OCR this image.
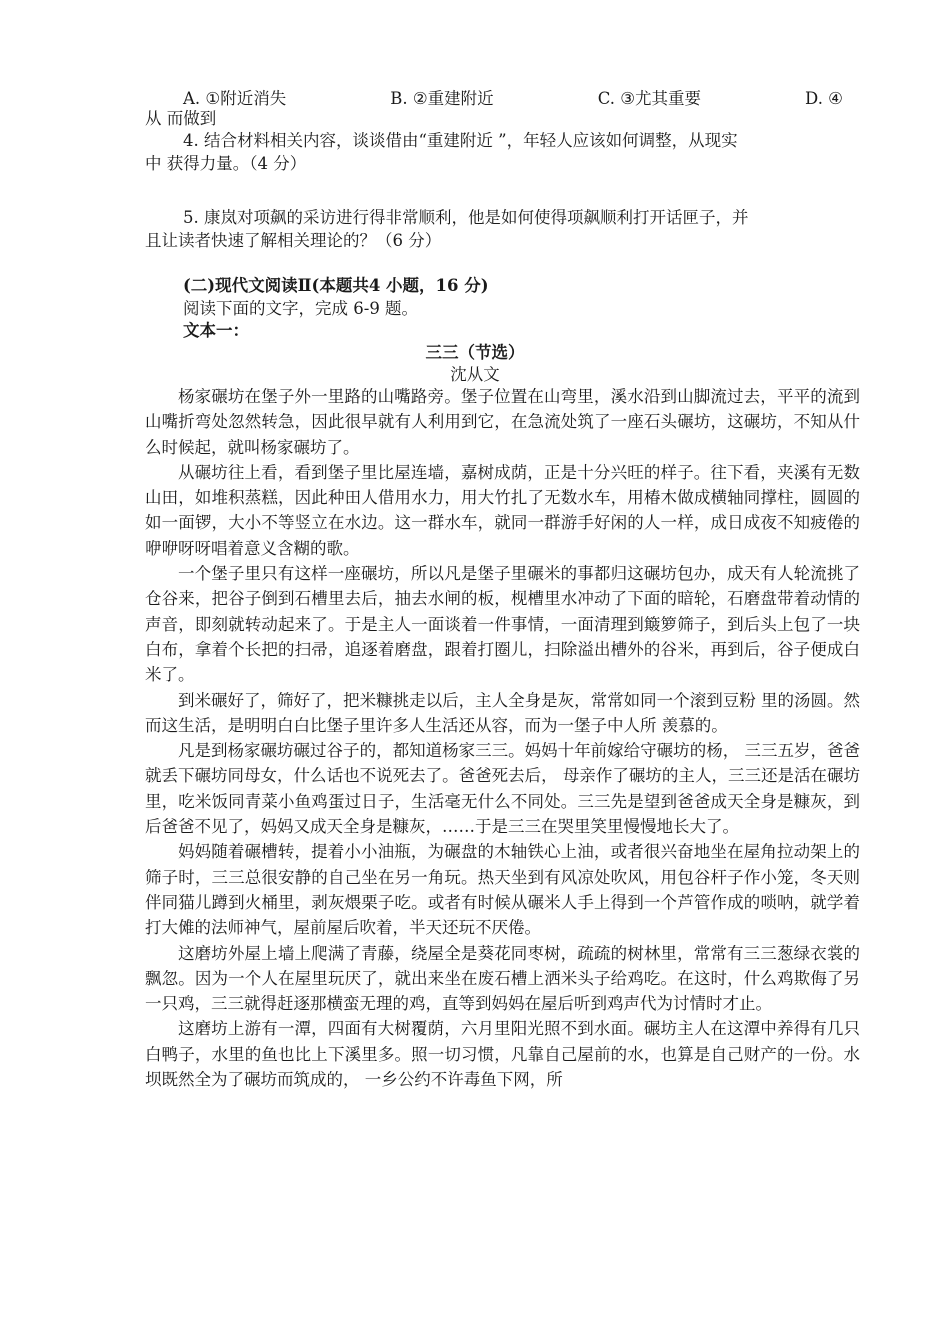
A. ①附近消失	B. ②重建附近	C. ③尤其重要	D. ④
从 而做到
4. 结合材料相关内容，谈谈借由“重建附近 ”，年轻人应该如何调整，从现实
中 获得力量。（4 分）
5. 康岚对项飙的采访进行得非常顺利，他是如何使得项飙顺利打开话匣子，并
且让读者快速了解相关理论的？（6 分）
(二)现代文阅读Ⅱ(本题共4 小题，16 分)
阅读下面的文字，完成 6-9 题。
文本一：
三三（节选）
沈从文
杨家碾坊在堡子外一里路的山嘴路旁。堡子位置在山弯里，溪水沿到山脚流过去，平平的流到山嘴折弯处忽然转急，因此很早就有人利用到它，在急流处筑了一座石头碾坊，这碾坊，不知从什么时候起，就叫杨家碾坊了。
从碾坊往上看，看到堡子里比屋连墙，嘉树成荫，正是十分兴旺的样子。往下看，夹溪有无数山田，如堆积蒸糕，因此种田人借用水力，用大竹扎了无数水车，用椿木做成横轴同撑柱，圆圆的如一面锣，大小不等竖立在水边。这一群水车，就同一群游手好闲的人一样，成日成夜不知疲倦的咿咿呀呀唱着意义含糊的歌。
一个堡子里只有这样一座碾坊，所以凡是堡子里碾米的事都归这碾坊包办，成天有人轮流挑了仓谷来，把谷子倒到石槽里去后，抽去水闸的板，枧槽里水冲动了下面的暗轮，石磨盘带着动情的声音，即刻就转动起来了。于是主人一面谈着一件事情，一面清理到簸箩筛子，到后头上包了一块白布，拿着个长把的扫帚，追逐着磨盘，跟着打圈儿，扫除溢出槽外的谷米，再到后，谷子便成白米了。
到米碾好了，筛好了，把米糠挑走以后，主人全身是灰，常常如同一个滚到豆粉 里的汤圆。然而这生活，是明明白白比堡子里许多人生活还从容，而为一堡子中人所 羡慕的。
凡是到杨家碾坊碾过谷子的，都知道杨家三三。妈妈十年前嫁给守碾坊的杨， 三三五岁，爸爸就丢下碾坊同母女，什么话也不说死去了。爸爸死去后， 母亲作了碾坊的主人，三三还是活在碾坊里，吃米饭同青菜小鱼鸡蛋过日子，生活毫无什么不同处。三三先是望到爸爸成天全身是糠灰，到后爸爸不见了，妈妈又成天全身是糠灰，……于是三三在哭里笑里慢慢地长大了。
妈妈随着碾槽转，提着小小油瓶，为碾盘的木轴铁心上油，或者很兴奋地坐在屋角拉动架上的筛子时，三三总很安静的自己坐在另一角玩。热天坐到有风凉处吹风，用包谷杆子作小笼，冬天则伴同猫儿蹲到火桶里，剥灰煨栗子吃。或者有时候从碾米人手上得到一个芦管作成的唢呐，就学着打大傩的法师神气，屋前屋后吹着，半天还玩不厌倦。
这磨坊外屋上墙上爬满了青藤，绕屋全是葵花同枣树，疏疏的树林里，常常有三三葱绿衣裳的飘忽。因为一个人在屋里玩厌了，就出来坐在废石槽上洒米头子给鸡吃。在这时，什么鸡欺侮了另一只鸡，三三就得赶逐那横蛮无理的鸡，直等到妈妈在屋后听到鸡声代为讨情时才止。
这磨坊上游有一潭，四面有大树覆荫，六月里阳光照不到水面。碾坊主人在这潭中养得有几只白鸭子，水里的鱼也比上下溪里多。照一切习惯，凡靠自己屋前的水，也算是自己财产的一份。水坝既然全为了碾坊而筑成的， 一乡公约不许毒鱼下网，所
